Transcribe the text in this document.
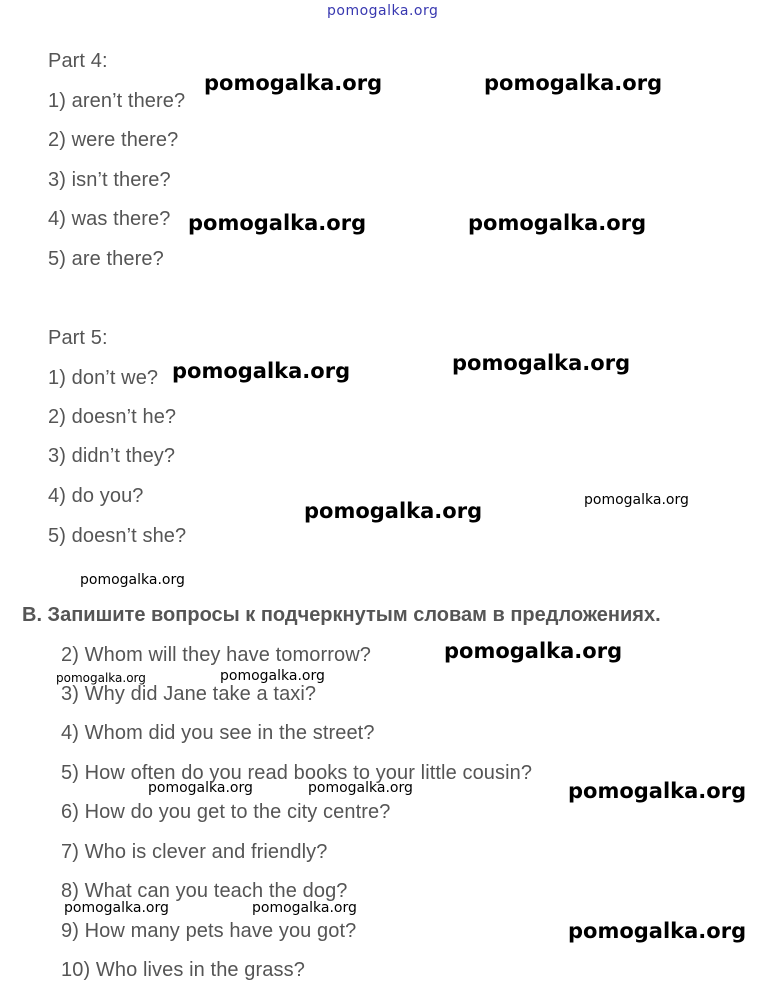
pomogalka.org
pomogalka.org	pomogalka.org
pomogalka.org	pomogalka.org
pomogalka.org	pomogalka.org
pomogalka.org	pomogalka.org
pomogalka.org
pomogalka.org
pomogalka.org	pomogalka.org
pomogalka.org	pomogalka.org	pomogalka.org
pomogalka.org	pomogalka.org
pomogalka.org
Part 4:
1) aren’t there?
2) were there?
3) isn’t there?
4) was there?
5) are there?
Part 5:
1) don’t we?
2) doesn’t he?
3) didn’t they?
4) do you?
5) doesn’t she?
B. Запишите вопросы к подчеркнутым словам в предложениях.
2) Whom will they have tomorrow?
3) Why did Jane take a taxi?
4) Whom did you see in the street?
5) How often do you read books to your little cousin?
6) How do you get to the city centre?
7) Who is clever and friendly?
8) What can you teach the dog?
9) How many pets have you got?
10) Who lives in the grass?
